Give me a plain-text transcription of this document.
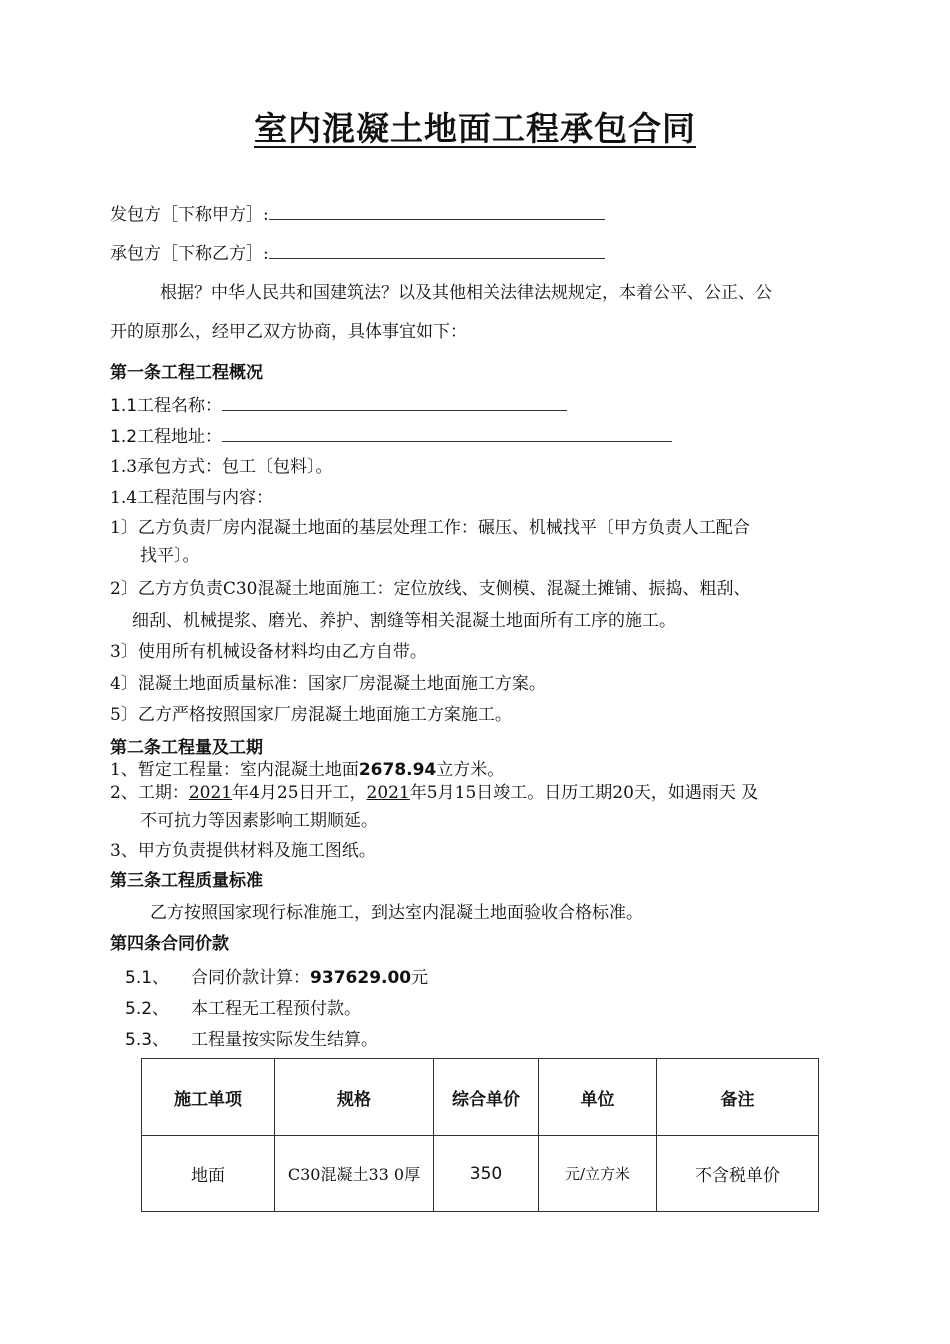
室内混凝土地面工程承包合同
发包方［下称甲方］:
承包方［下称乙方］:
根据？中华人民共和国建筑法？以及其他相关法律法规规定，本着公平、公正、公
开的原那么，经甲乙双方协商，具体事宜如下：
第一条工程工程概况
1.1工程名称：
1.2工程地址：
1.3承包方式：包工〔包料〕。
1.4工程范围与内容：
1〕乙方负责厂房内混凝土地面的基层处理工作：碾压、机械找平〔甲方负责人工配合
找平〕。
2〕乙方方负责C30混凝土地面施工：定位放线、支侧模、混凝土摊铺、振捣、粗刮、
细刮、机械提浆、磨光、养护、割缝等相关混凝土地面所有工序的施工。
3〕使用所有机械设备材料均由乙方自带。
4〕混凝土地面质量标准：国家厂房混凝土地面施工方案。
5〕乙方严格按照国家厂房混凝土地面施工方案施工。
第二条工程量及工期
1、暂定工程量：室内混凝土地面2678.94立方米。
2、工期：2021年4月25日开工，2021年5月15日竣工。日历工期20天，如遇雨天 及
不可抗力等因素影响工期顺延。
3、甲方负责提供材料及施工图纸。
第三条工程质量标准
乙方按照国家现行标准施工，到达室内混凝土地面验收合格标准。
第四条合同价款
5.1、 合同价款计算：937629.00元
5.2、 本工程无工程预付款。
5.3、 工程量按实际发生结算。
施工单项	规格	综合单价	单位	备注
地面	C30混凝土33 0厚	350	元/立方米	不含税单价
